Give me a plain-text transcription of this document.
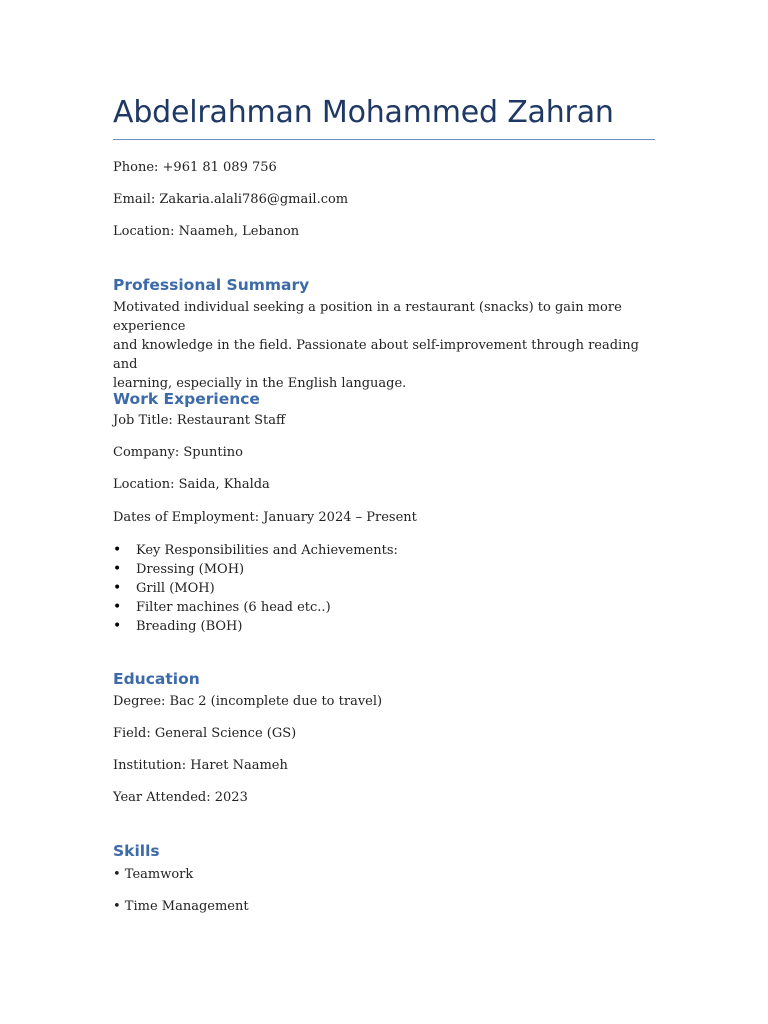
Abdelrahman Mohammed Zahran
Phone: +961 81 089 756
Email: Zakaria.alali786@gmail.com
Location: Naameh, Lebanon
Professional Summary
Motivated individual seeking a position in a restaurant (snacks) to gain more experience
and knowledge in the field. Passionate about self-improvement through reading and
learning, especially in the English language.
Work Experience
Job Title: Restaurant Staff
Company: Spuntino
Location: Saida, Khalda
Dates of Employment: January 2024 – Present
• Key Responsibilities and Achievements:
• Dressing (MOH)
• Grill (MOH)
• Filter machines (6 head etc..)
• Breading (BOH)
Education
Degree: Bac 2 (incomplete due to travel)
Field: General Science (GS)
Institution: Haret Naameh
Year Attended: 2023
Skills
• Teamwork
• Time Management
